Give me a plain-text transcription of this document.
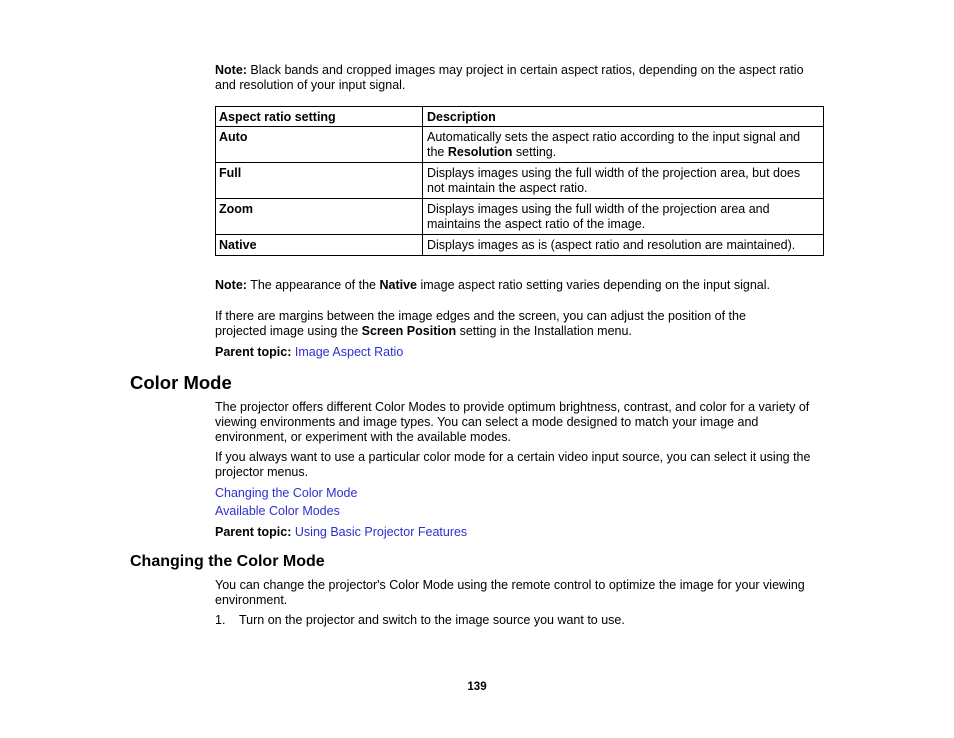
Note: Black bands and cropped images may project in certain aspect ratios, depending on the aspect ratio and resolution of your input signal.
Aspect ratio setting	Description
Auto	Automatically sets the aspect ratio according to the input signal and the Resolution setting.
Full	Displays images using the full width of the projection area, but does not maintain the aspect ratio.
Zoom	Displays images using the full width of the projection area and maintains the aspect ratio of the image.
Native	Displays images as is (aspect ratio and resolution are maintained).
Note: The appearance of the Native image aspect ratio setting varies depending on the input signal.
If there are margins between the image edges and the screen, you can adjust the position of the projected image using the Screen Position setting in the Installation menu.
Parent topic: Image Aspect Ratio
Color Mode
The projector offers different Color Modes to provide optimum brightness, contrast, and color for a variety of viewing environments and image types. You can select a mode designed to match your image and environment, or experiment with the available modes.
If you always want to use a particular color mode for a certain video input source, you can select it using the projector menus.
Changing the Color Mode
Available Color Modes
Parent topic: Using Basic Projector Features
Changing the Color Mode
You can change the projector's Color Mode using the remote control to optimize the image for your viewing environment.
1. Turn on the projector and switch to the image source you want to use.
139
